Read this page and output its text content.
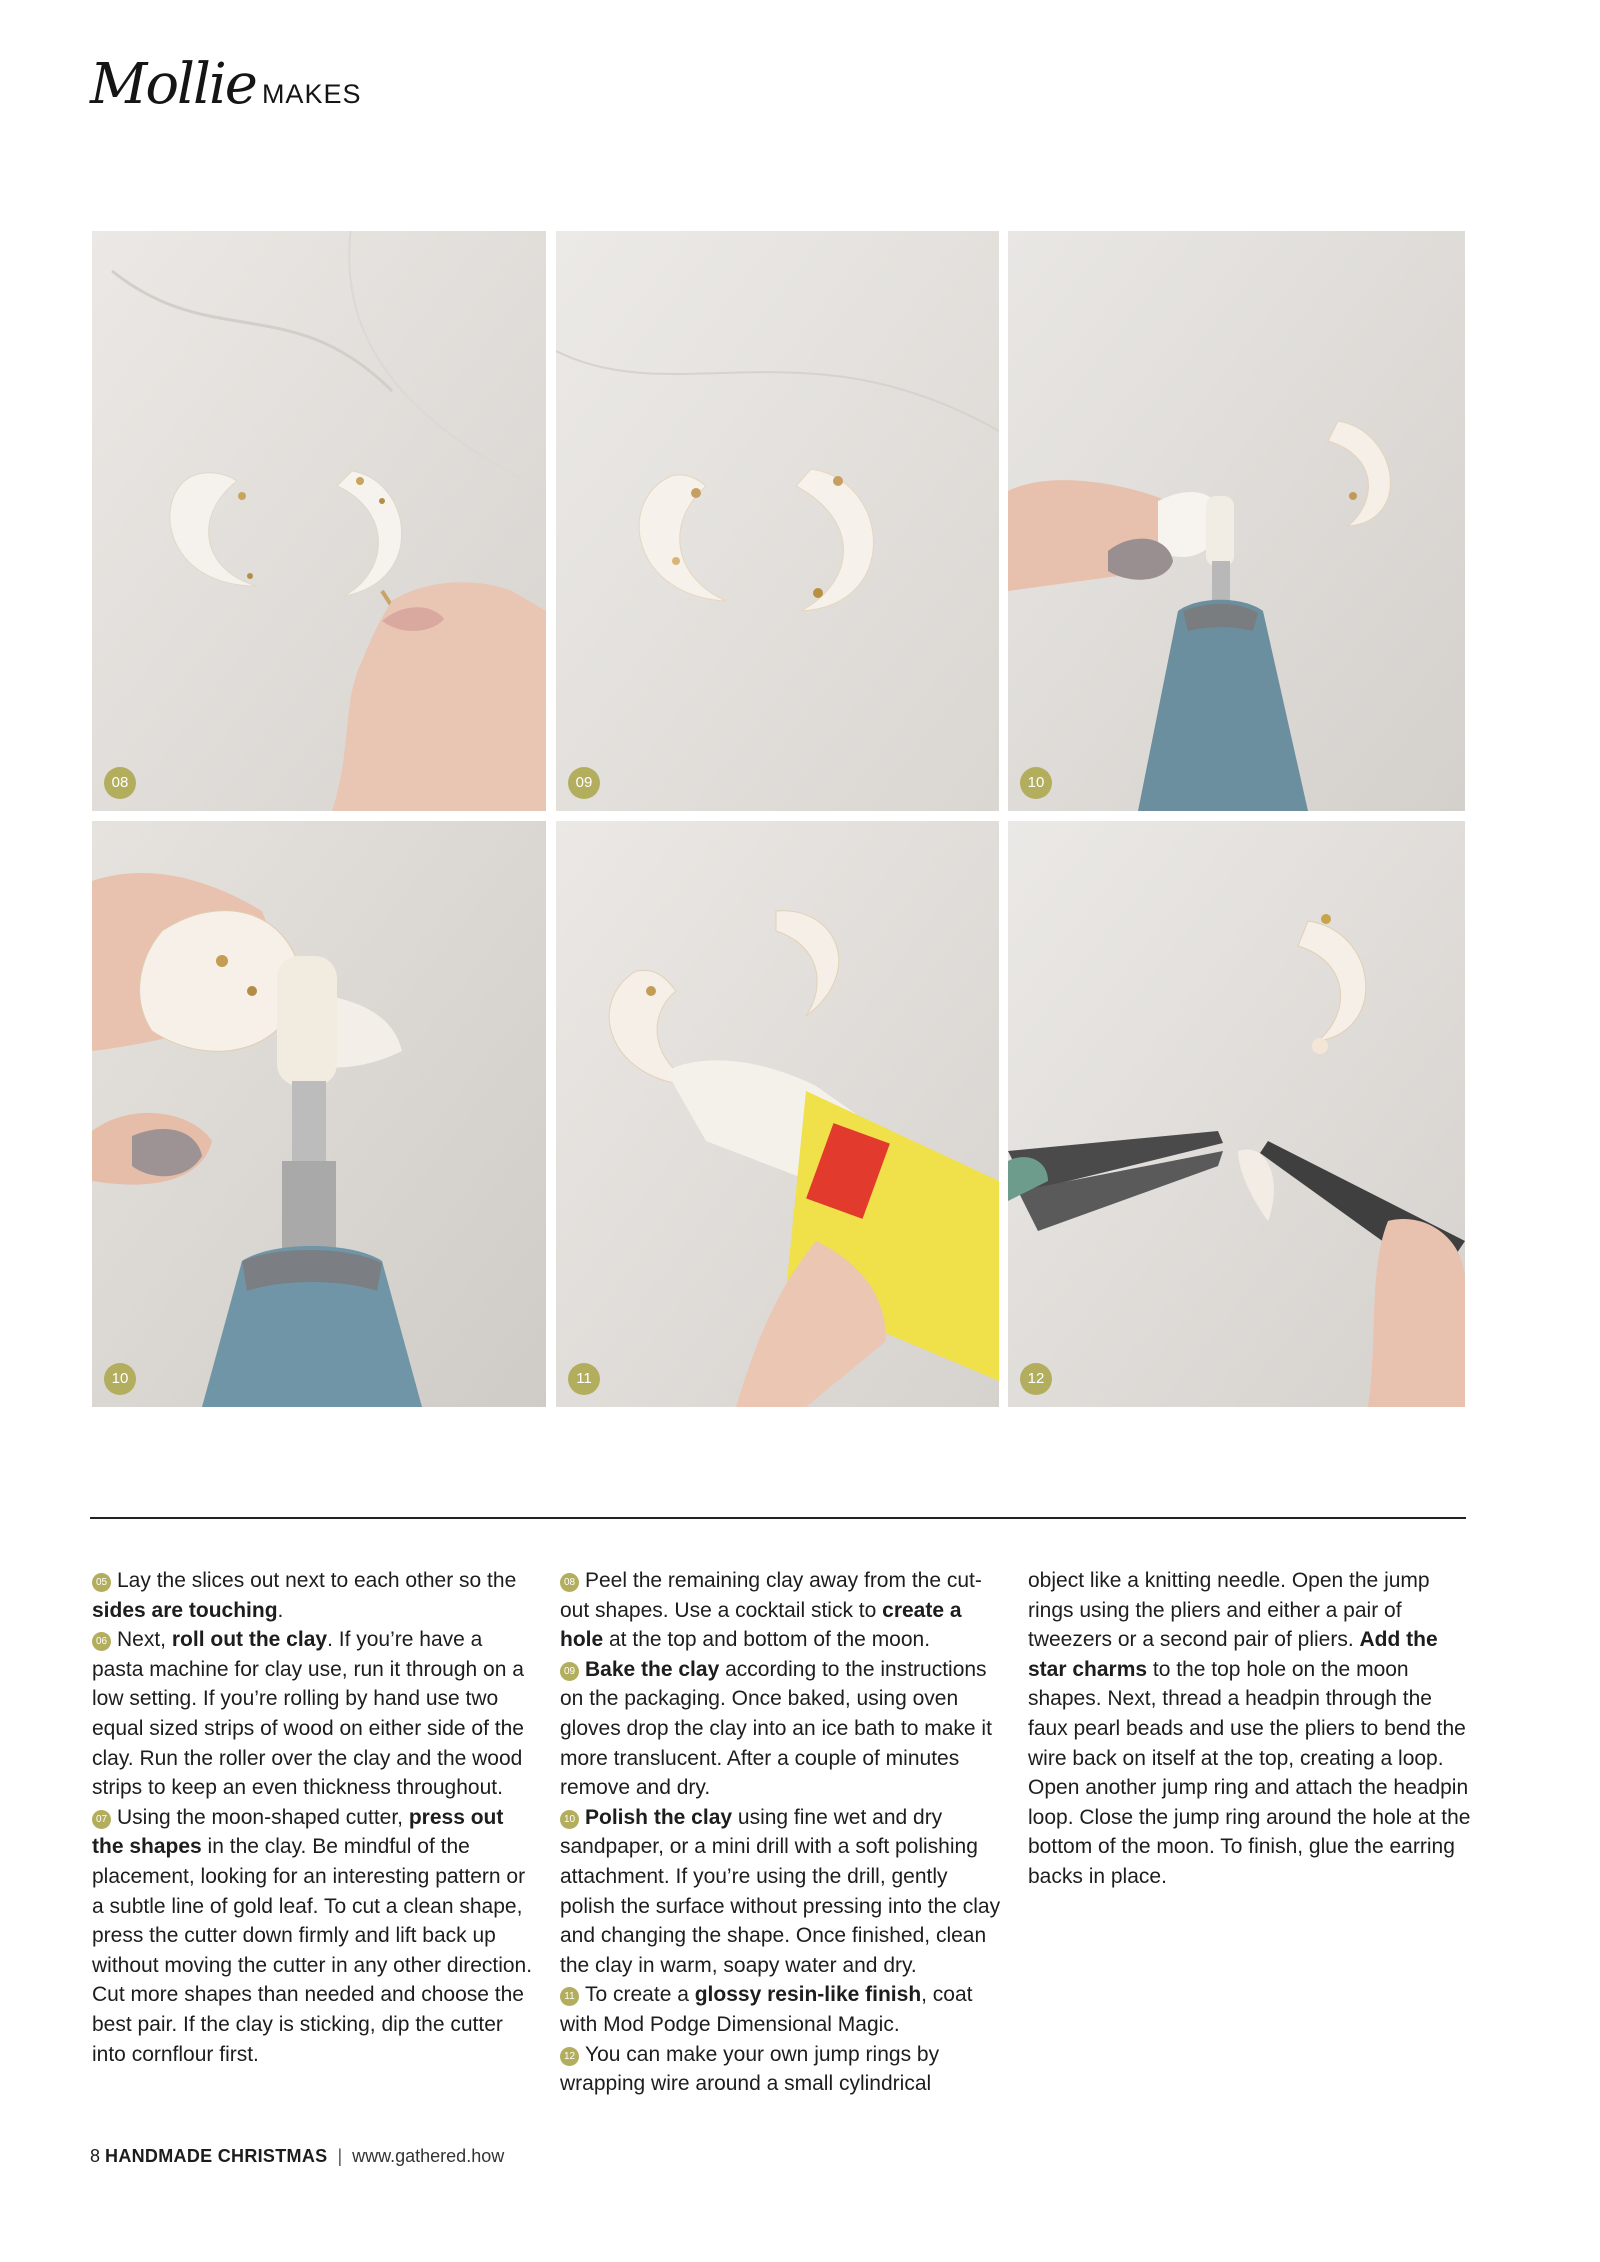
Mollie MAKES
08	09	10
10	11	12
05 Lay the slices out next to each other so the sides are touching.
06 Next, roll out the clay. If you’re have a pasta machine for clay use, run it through on a low setting. If you’re rolling by hand use two equal sized strips of wood on either side of the clay. Run the roller over the clay and the wood strips to keep an even thickness throughout.
07 Using the moon-shaped cutter, press out the shapes in the clay. Be mindful of the placement, looking for an interesting pattern or a subtle line of gold leaf. To cut a clean shape, press the cutter down firmly and lift back up without moving the cutter in any other direction. Cut more shapes than needed and choose the best pair. If the clay is sticking, dip the cutter into cornflour first.
08 Peel the remaining clay away from the cut-out shapes. Use a cocktail stick to create a hole at the top and bottom of the moon.
09 Bake the clay according to the instructions on the packaging. Once baked, using oven gloves drop the clay into an ice bath to make it more translucent. After a couple of minutes remove and dry.
10 Polish the clay using fine wet and dry sandpaper, or a mini drill with a soft polishing attachment. If you’re using the drill, gently polish the surface without pressing into the clay and changing the shape. Once finished, clean the clay in warm, soapy water and dry.
11 To create a glossy resin-like finish, coat with Mod Podge Dimensional Magic.
12 You can make your own jump rings by wrapping wire around a small cylindrical
object like a knitting needle. Open the jump rings using the pliers and either a pair of tweezers or a second pair of pliers. Add the star charms to the top hole on the moon shapes. Next, thread a headpin through the faux pearl beads and use the pliers to bend the wire back on itself at the top, creating a loop. Open another jump ring and attach the headpin loop. Close the jump ring around the hole at the bottom of the moon. To finish, glue the earring backs in place.
8 HANDMADE CHRISTMAS | www.gathered.how
